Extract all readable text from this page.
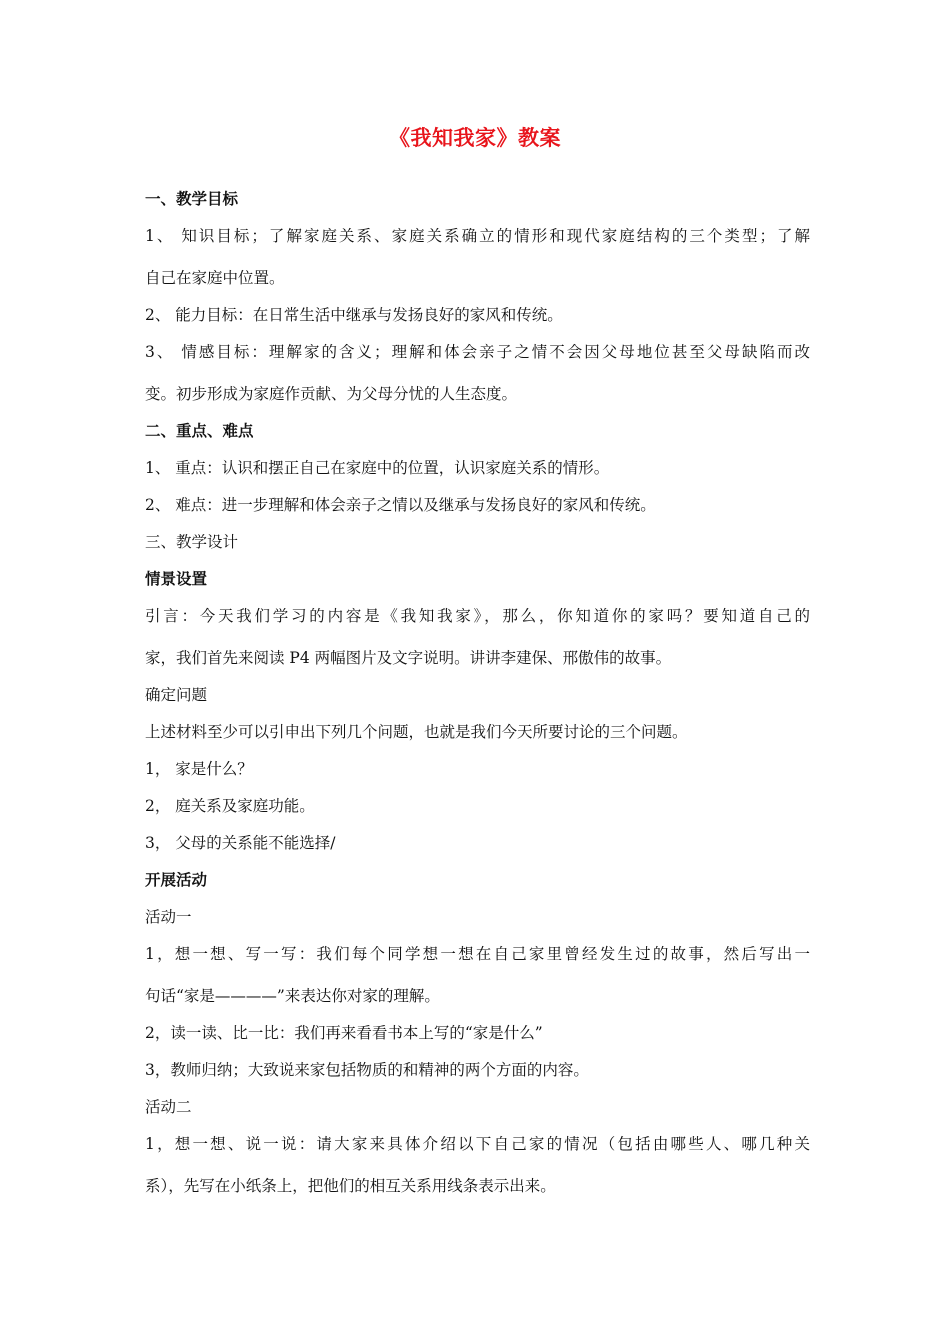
《我知我家》教案
一、教学目标
1、 知识目标；了解家庭关系、家庭关系确立的情形和现代家庭结构的三个类型；了解
自己在家庭中位置。
2、 能力目标：在日常生活中继承与发扬良好的家风和传统。
3、 情感目标：理解家的含义；理解和体会亲子之情不会因父母地位甚至父母缺陷而改
变。初步形成为家庭作贡献、为父母分忧的人生态度。
二、重点、难点
1、 重点：认识和摆正自己在家庭中的位置，认识家庭关系的情形。
2、 难点：进一步理解和体会亲子之情以及继承与发扬良好的家风和传统。
三、教学设计
情景设置
引言：今天我们学习的内容是《我知我家》，那么，你知道你的家吗？要知道自己的
家，我们首先来阅读 P4 两幅图片及文字说明。讲讲李建保、邢傲伟的故事。
确定问题
上述材料至少可以引申出下列几个问题，也就是我们今天所要讨论的三个问题。
1， 家是什么？
2， 庭关系及家庭功能。
3， 父母的关系能不能选择/
开展活动
活动一
1，想一想、写一写：我们每个同学想一想在自己家里曾经发生过的故事，然后写出一
句话“家是————”来表达你对家的理解。
2，读一读、比一比：我们再来看看书本上写的“家是什么”
3，教师归纳；大致说来家包括物质的和精神的两个方面的内容。
活动二
1，想一想、说一说：请大家来具体介绍以下自己家的情况（包括由哪些人、哪几种关
系），先写在小纸条上，把他们的相互关系用线条表示出来。
